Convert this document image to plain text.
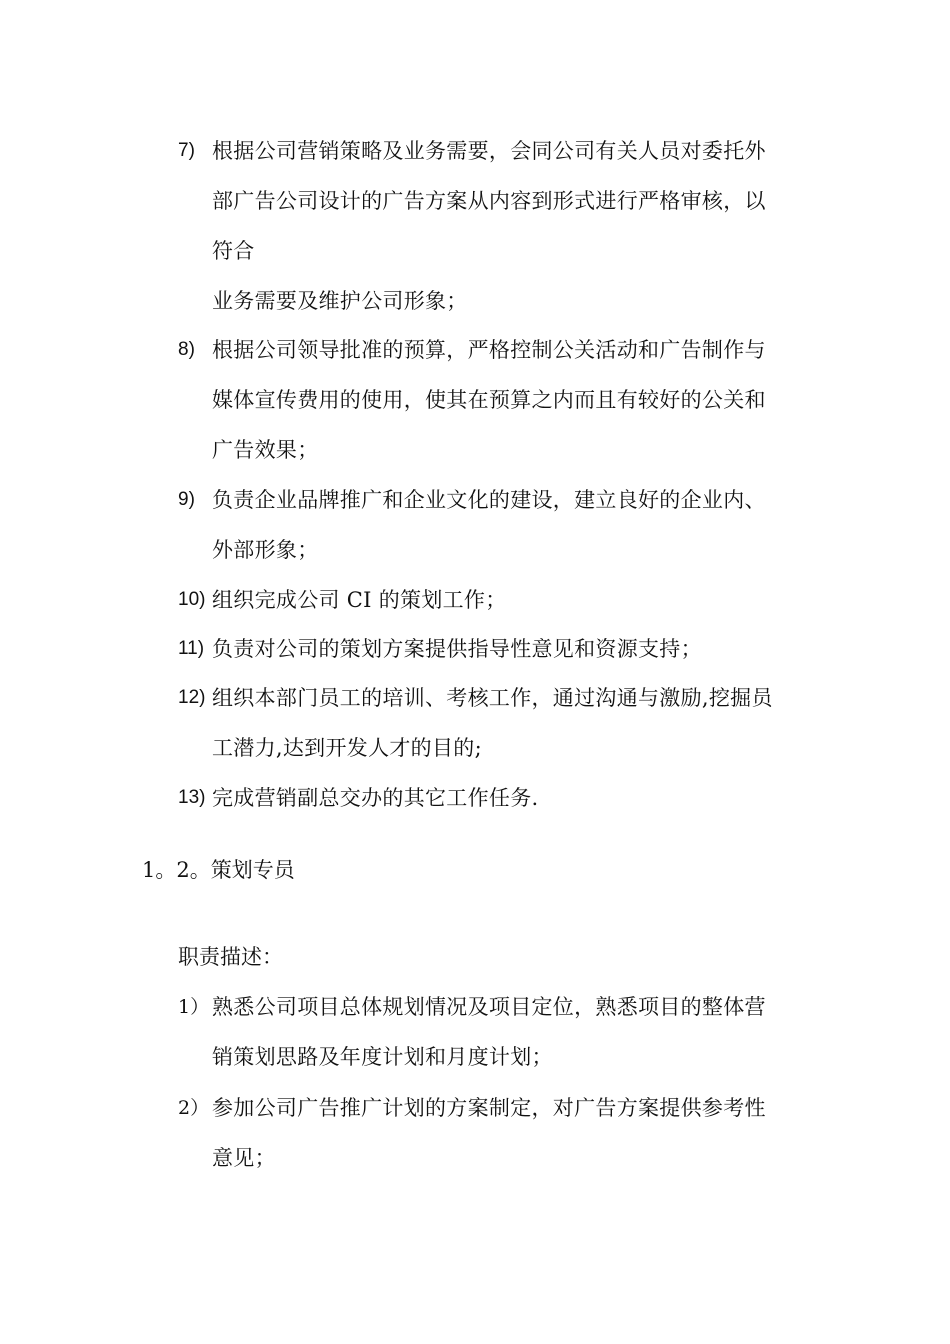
7) 根据公司营销策略及业务需要，会同公司有关人员对委托外
部广告公司设计的广告方案从内容到形式进行严格审核，以
符合
业务需要及维护公司形象；
8) 根据公司领导批准的预算，严格控制公关活动和广告制作与
媒体宣传费用的使用，使其在预算之内而且有较好的公关和
广告效果；
9) 负责企业品牌推广和企业文化的建设，建立良好的企业内、
外部形象；
10) 组织完成公司 CI 的策划工作；
11) 负责对公司的策划方案提供指导性意见和资源支持；
12) 组织本部门员工的培训、考核工作，通过沟通与激励,挖掘员
工潜力,达到开发人才的目的;
13) 完成营销副总交办的其它工作任务.
1。2。策划专员
职责描述：
1） 熟悉公司项目总体规划情况及项目定位，熟悉项目的整体营
销策划思路及年度计划和月度计划；
2） 参加公司广告推广计划的方案制定，对广告方案提供参考性
意见；
